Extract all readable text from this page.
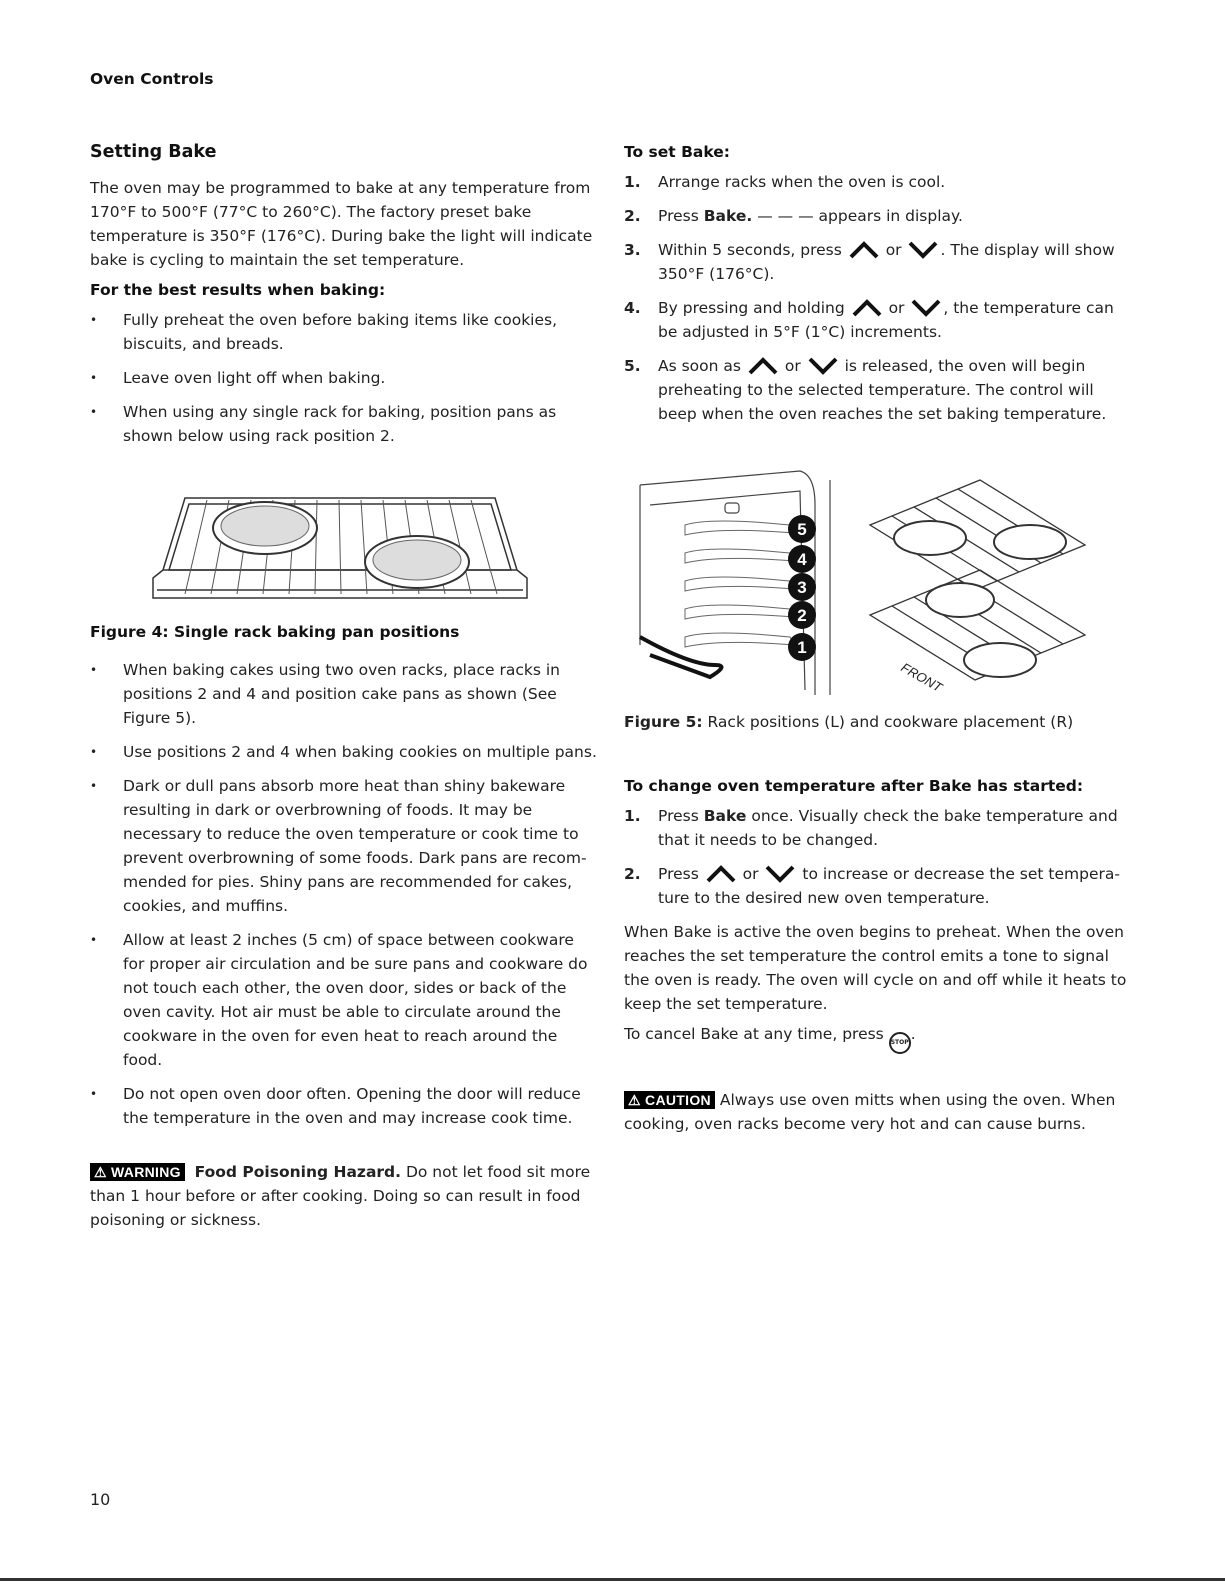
Oven Controls
Setting Bake

The oven may be programmed to bake at any temperature from 170°F to 500°F (77°C to 260°C). The factory preset bake temperature is 350°F (176°C). During bake the light will indicate bake is cycling to maintain the set temperature.

For the best results when baking:

• Fully preheat the oven before baking items like cookies, biscuits, and breads.
• Leave oven light off when baking.
• When using any single rack for baking, position pans as shown below using rack position 2.

Figure 4: Single rack baking pan positions

• When baking cakes using two oven racks, place racks in positions 2 and 4 and position cake pans as shown (See Figure 5).
• Use positions 2 and 4 when baking cookies on multiple pans.
• Dark or dull pans absorb more heat than shiny bakeware resulting in dark or overbrowning of foods. It may be necessary to reduce the oven temperature or cook time to prevent overbrowning of some foods. Dark pans are recom- mended for pies. Shiny pans are recommended for cakes, cookies, and muffins.
• Allow at least 2 inches (5 cm) of space between cookware for proper air circulation and be sure pans and cookware do not touch each other, the oven door, sides or back of the oven cavity. Hot air must be able to circulate around the cookware in the oven for even heat to reach around the food.
• Do not open oven door often. Opening the door will reduce the temperature in the oven and may increase cook time.

⚠ WARNING Food Poisoning Hazard. Do not let food sit more than 1 hour before or after cooking. Doing so can result in food poisoning or sickness.

To set Bake:

1. Arrange racks when the oven is cool.
2. Press Bake. — — — appears in display.
3. Within 5 seconds, press	or	. The display will show 350°F (176°C).
4. By pressing and holding	or	, the temperature can be adjusted in 5°F (1°C) increments.
5. As soon as	or	is released, the oven will begin preheating to the selected temperature. The control will beep when the oven reaches the set baking temperature.
5
4
3
2
1
FRONT

Figure 5: Rack positions (L) and cookware placement (R)

To change oven temperature after Bake has started:

1. Press Bake once. Visually check the bake temperature and that it needs to be changed.
2. Press	or	to increase or decrease the set tempera- ture to the desired new oven temperature.

When Bake is active the oven begins to preheat. When the oven reaches the set temperature the control emits a tone to signal the oven is ready. The oven will cycle on and off while it heats to keep the set temperature.

To cancel Bake at any time, press STOP .

⚠ CAUTION Always use oven mitts when using the oven. When cooking, oven racks become very hot and can cause burns.

10
